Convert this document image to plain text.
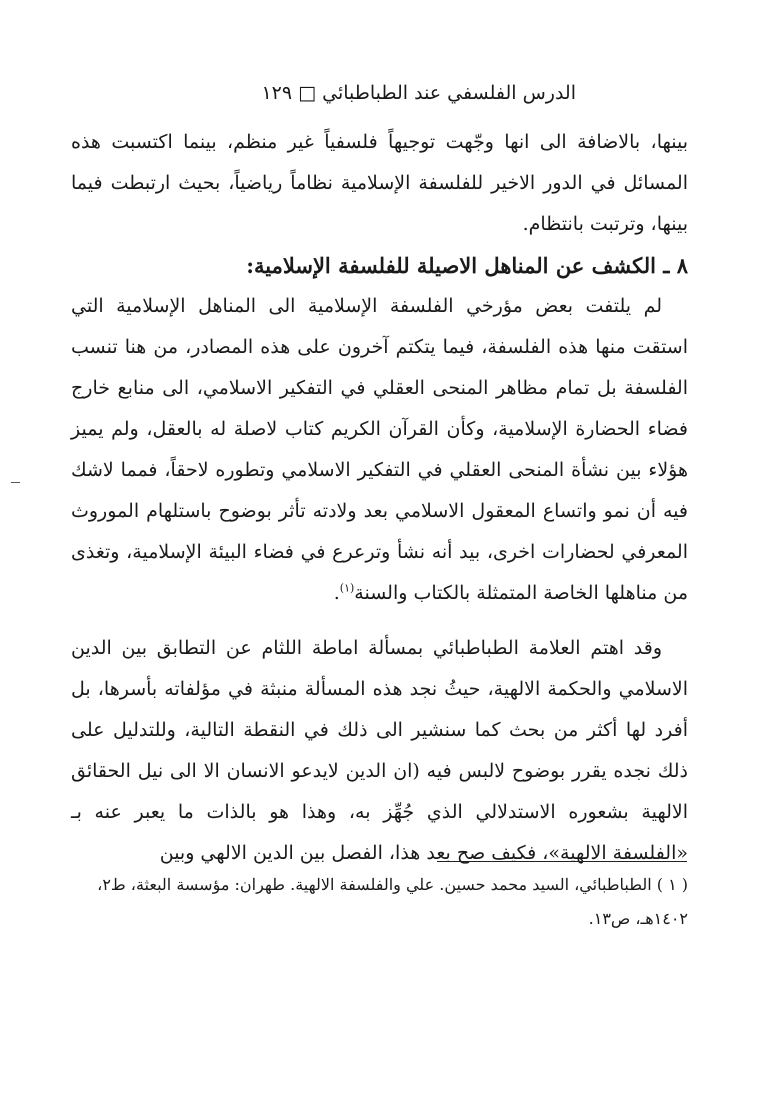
الدرس الفلسفي عند الطباطبائي □ ١٢٩

بينها، بالاضافة الى انها وجّهت توجيهاً فلسفياً غير منظم، بينما اكتسبت هذه المسائل في الدور الاخير للفلسفة الإسلامية نظاماً رياضياً، بحيث ارتبطت فيما بينها، وترتبت بانتظام.

٨ ـ الكشف عن المناهل الاصيلة للفلسفة الإسلامية:

لم يلتفت بعض مؤرخي الفلسفة الإسلامية الى المناهل الإسلامية التي استقت منها هذه الفلسفة، فيما يتكتم آخرون على هذه المصادر، من هنا تنسب الفلسفة بل تمام مظاهر المنحى العقلي في التفكير الاسلامي، الى منابع خارج فضاء الحضارة الإسلامية، وكأن القرآن الكريم كتاب لاصلة له بالعقل، ولم يميز هؤلاء بين نشأة المنحى العقلي في التفكير الاسلامي وتطوره لاحقاً، فمما لاشك فيه أن نمو واتساع المعقول الاسلامي بعد ولادته تأثر بوضوح باستلهام الموروث المعرفي لحضارات اخرى، بيد أنه نشأ وترعرع في فضاء البيئة الإسلامية، وتغذى من مناهلها الخاصة المتمثلة بالكتاب والسنة$^{(١)}$.

وقد اهتم العلامة الطباطبائي بمسألة اماطة اللثام عن التطابق بين الدين الاسلامي والحكمة الالهية، حيثُ نجد هذه المسألة منبثة في مؤلفاته بأسرها، بل أفرد لها أكثر من بحث كما سنشير الى ذلك في النقطة التالية، وللتدليل على ذلك نجده يقرر بوضوح لالبس فيه (ان الدين لايدعو الانسان الا الى نيل الحقائق الالهية بشعوره الاستدلالي الذي جُهِّز به، وهذا هو بالذات ما يعبر عنه بـ «الفلسفة الالهية»، فكيف صح بعد هذا، الفصل بين الدين الالهي وبين

( ١ ) الطباطبائي، السيد محمد حسين. علي والفلسفة الالهية. طهران: مؤسسة البعثة، ط٢، ١٤٠٢هـ، ص١٣.
